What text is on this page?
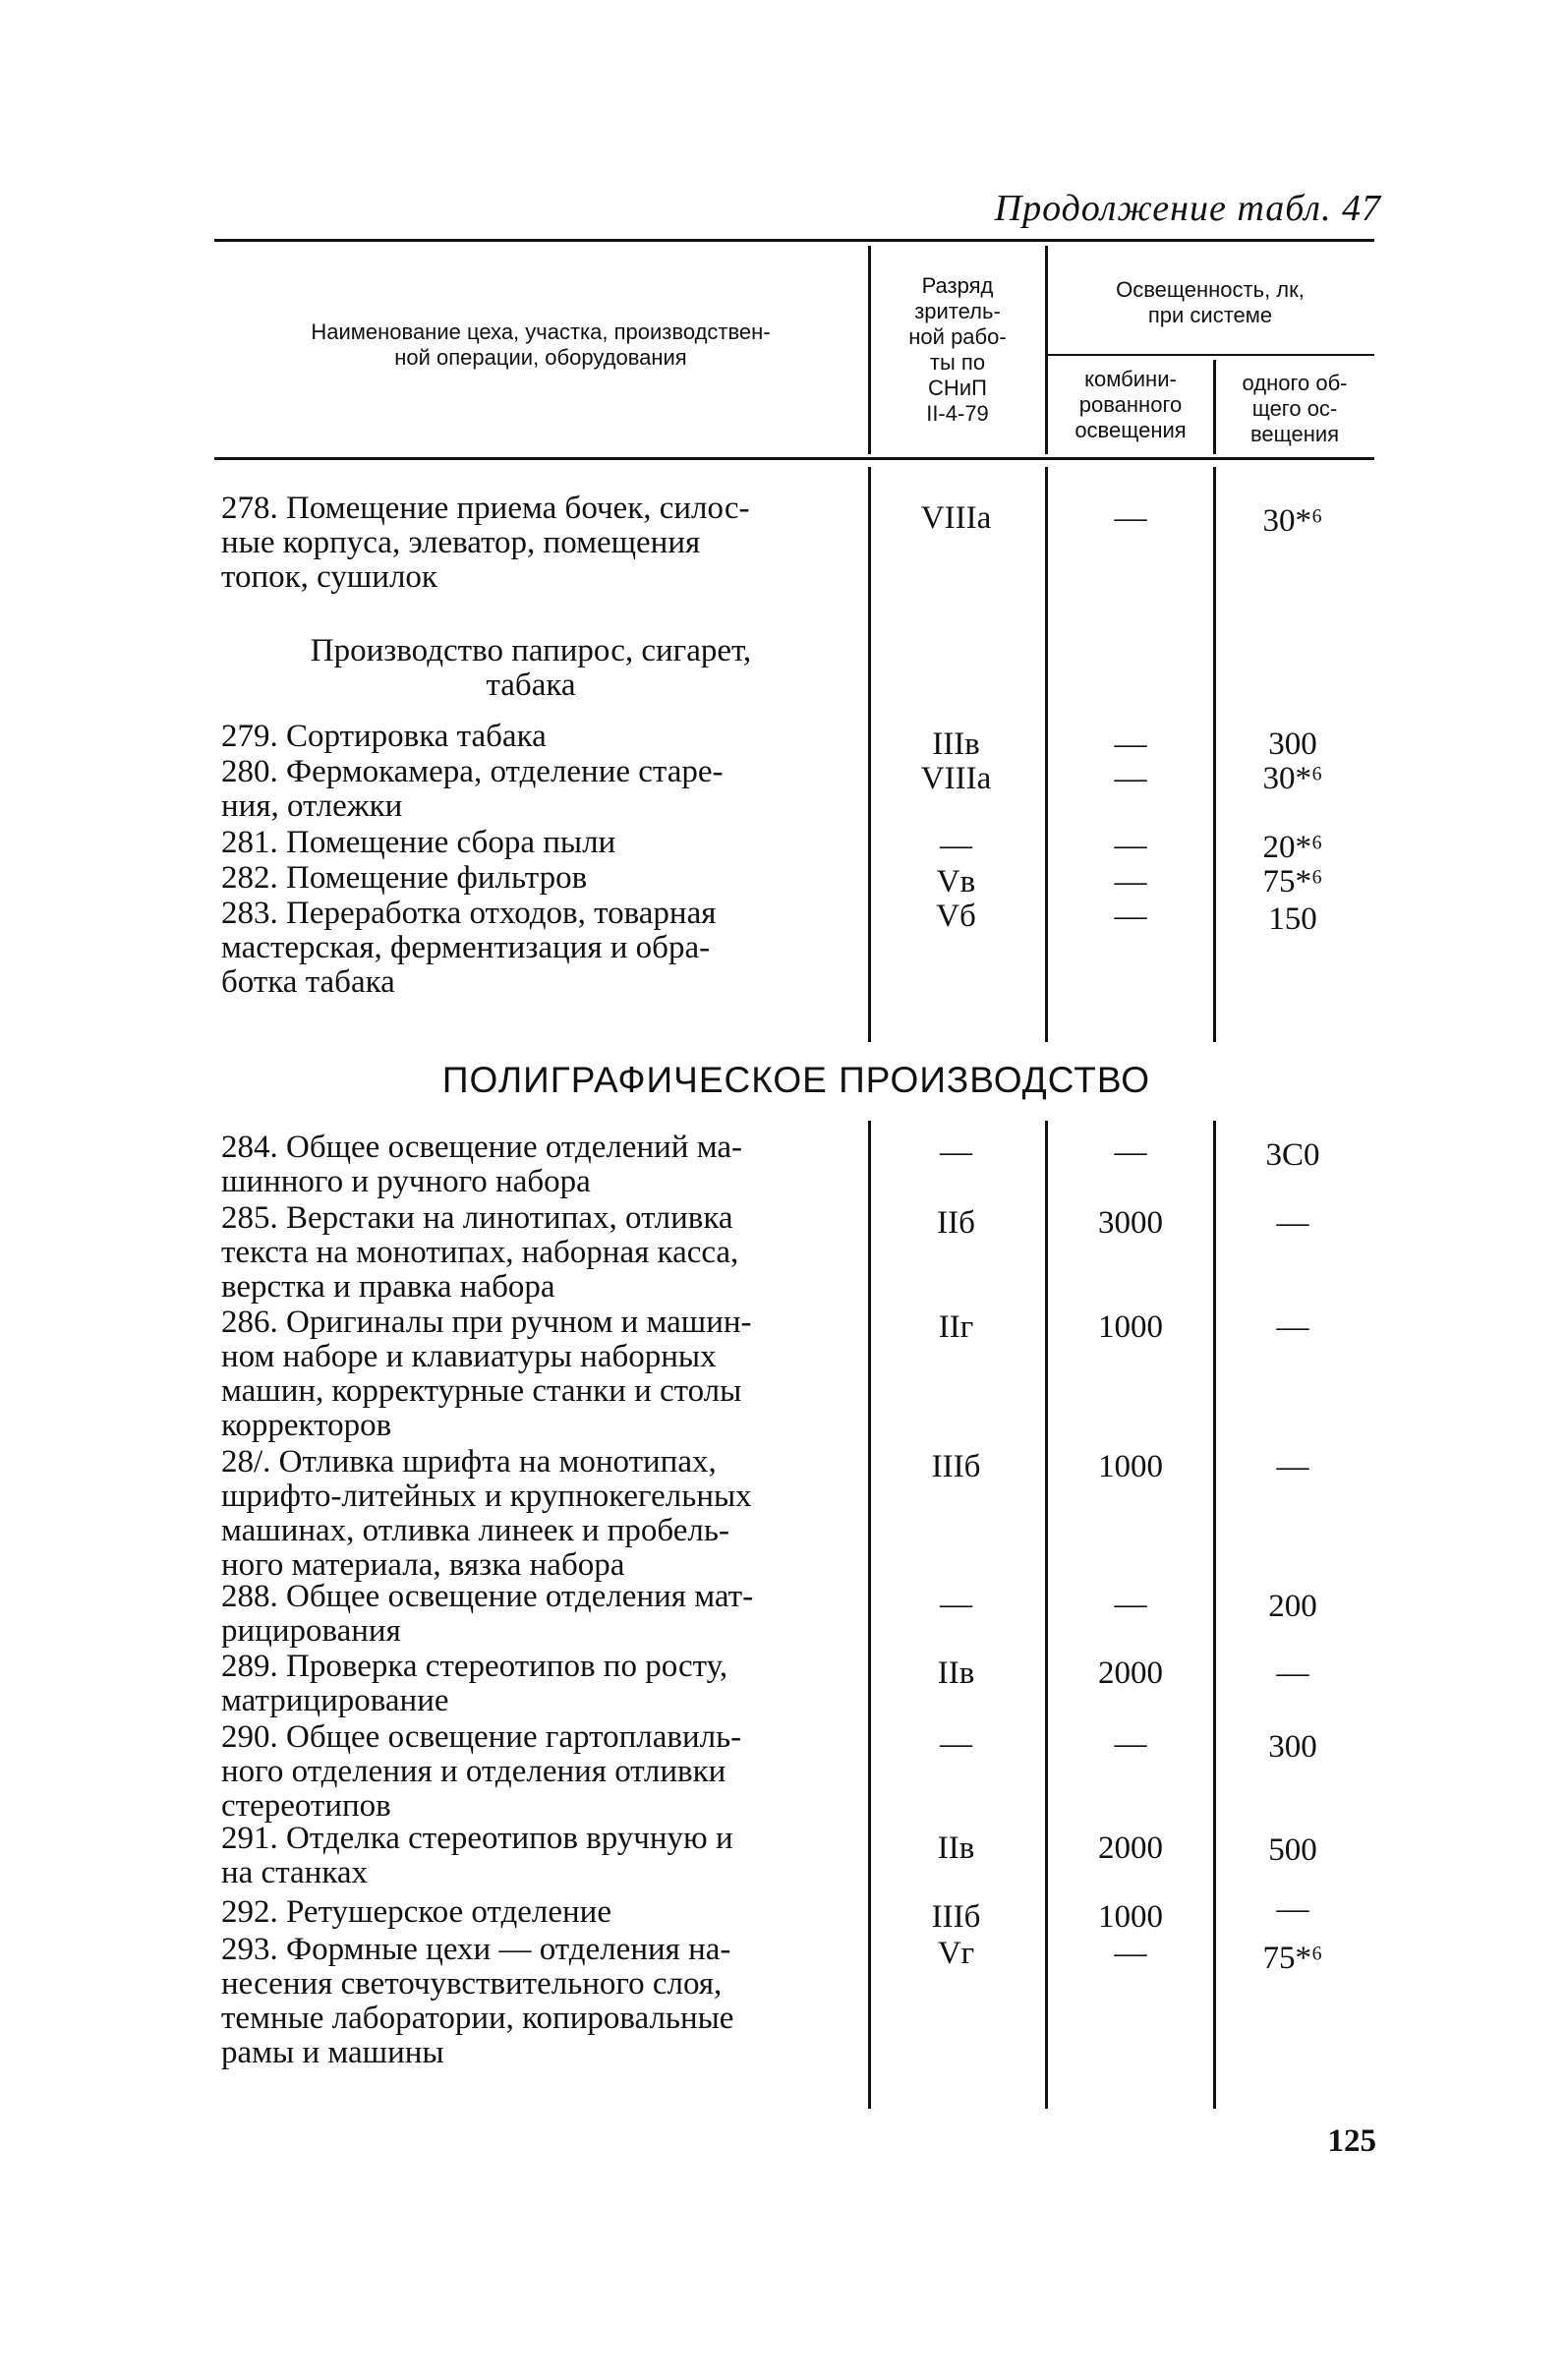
Продолжение табл. 47
Наименование цеха, участка, производствен-
ной операции, оборудования
Разряд
зритель-
ной рабо-
ты по
СНиП
II-4-79
Освещенность, лк,
при системе
комбини-
рованного
освещения
одного об-
щего ос-
вещения
278. Помещение приема бочек, силос-
ные корпуса, элеватор, помещения
топок, сушилок
VIIIа	—	30*⁶
Производство папирос, сигарет,
табака
279. Сортировка табака	IIIв	—	300
280. Фермокамера, отделение старе-
ния, отлежки
VIIIа	—	30*⁶
281. Помещение сбора пыли	—	—	20*⁶
282. Помещение фильтров	Vв	—	75*⁶
283. Переработка отходов, товарная
мастерская, ферментизация и обра-
ботка табака
Vб	—	150
ПОЛИГРАФИЧЕСКОЕ ПРОИЗВОДСТВО
284. Общее освещение отделений ма-
шинного и ручного набора
—	—	3С0
285. Верстаки на линотипах, отливка
текста на монотипах, наборная касса,
верстка и правка набора
IIб	3000	—
286. Оригиналы при ручном и машин-
ном наборе и клавиатуры наборных
машин, корректурные станки и столы
корректоров
IIг	1000	—
28/. Отливка шрифта на монотипах,
шрифто-литейных и крупнокегельных
машинах, отливка линеек и пробель-
ного материала, вязка набора
IIIб	1000	—
288. Общее освещение отделения мат-
рицирования
—	—	200
289. Проверка стереотипов по росту,
матрицирование
IIв	2000	—
290. Общее освещение гартоплавиль-
ного отделения и отделения отливки
стереотипов
—	—	300
291. Отделка стереотипов вручную и
на станках
IIв	2000	500
292. Ретушерское отделение	IIIб	1000	—
293. Формные цехи — отделения на-
несения светочувствительного слоя,
темные лаборатории, копировальные
рамы и машины
Vг	—	75*⁶
125
